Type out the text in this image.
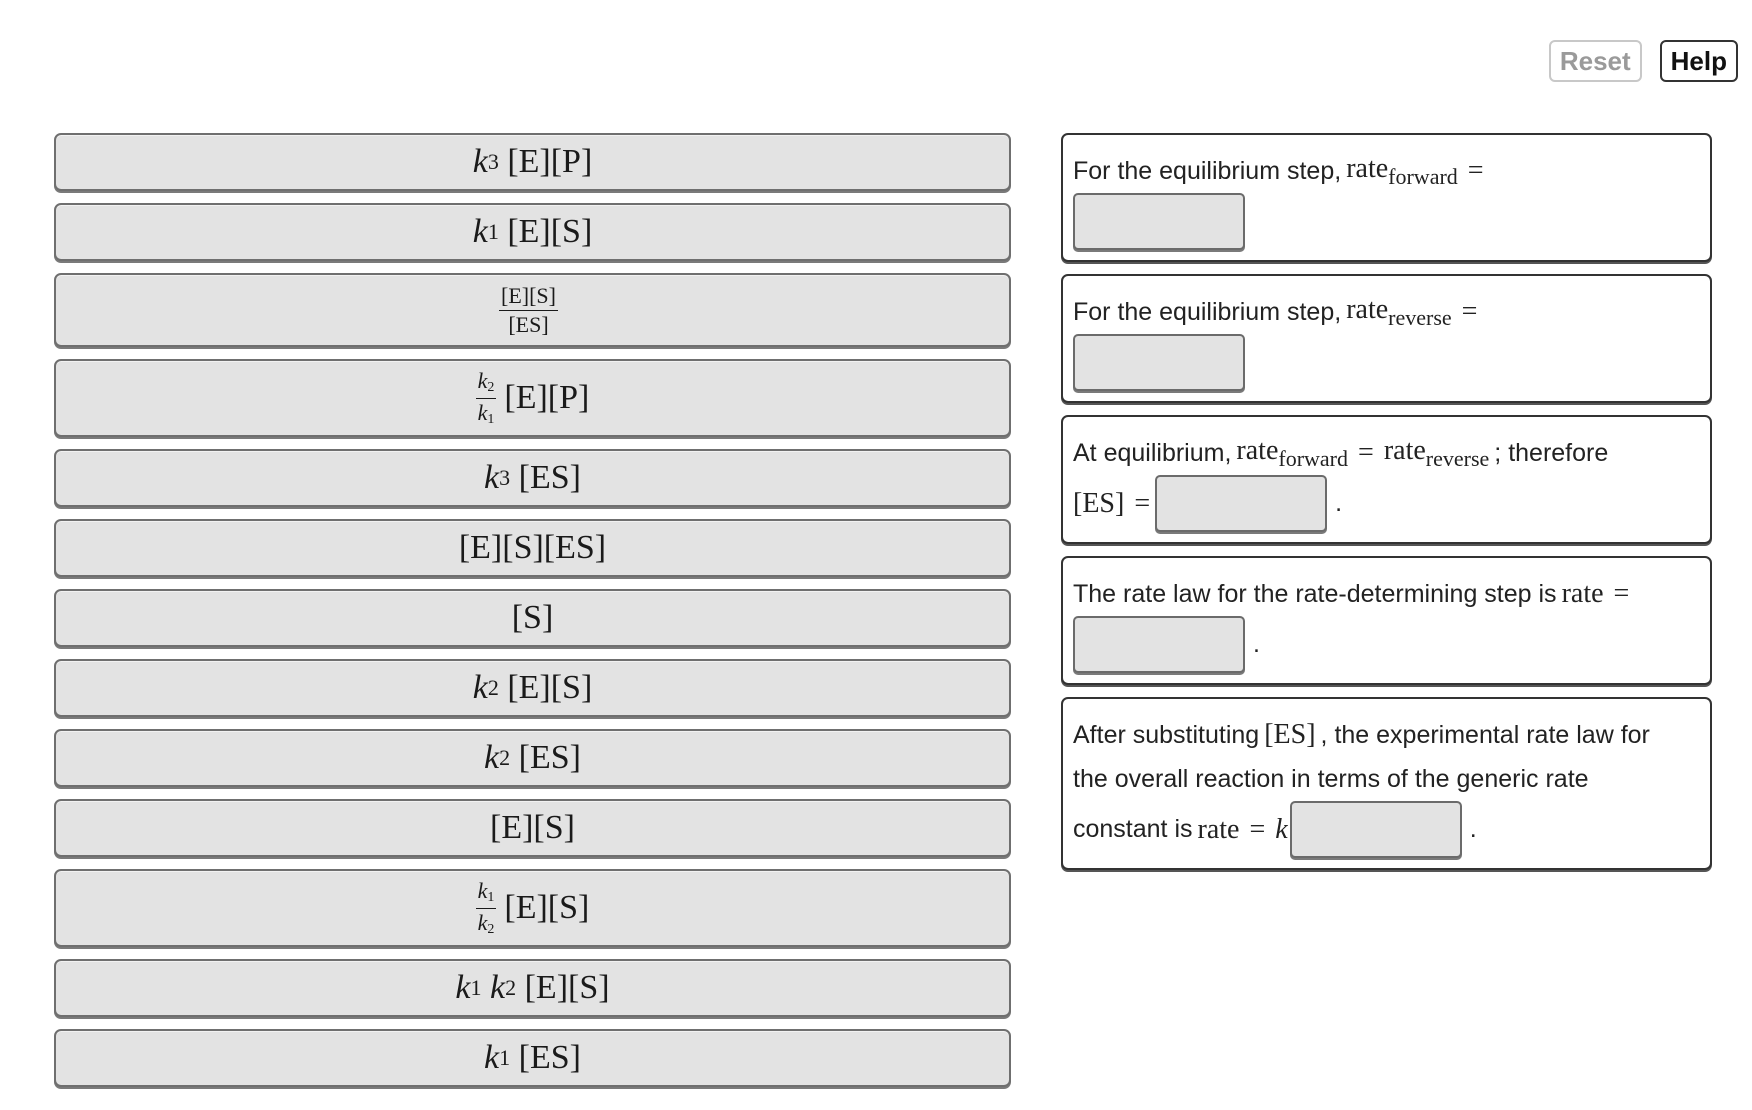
Reset	Help
k 3
[E][P]
k 1
[E][S]
$\frac{[E][S]}{[ES]}$
$\frac{k_2}{k_1} [E][P]$
k 3
[ES]
[E][S][ES]
[S]
k 2
[E][S]
k 2
[ES]
[E][S]
$\frac{k_1}{k_2} [E][S]$
k 1
k 2
[E][S]
k 1
[ES]
For the equilibrium step, rate$_{forward}$ =
For the equilibrium step, rate$_{reverse}$ =
At equilibrium, rate$_{forward}$ = rate$_{reverse}$ ; therefore
[ES] =	.
The rate law for the rate-determining step is rate =
.
After substituting [ES] , the experimental rate law for
the overall reaction in terms of the generic rate
constant is rate = k	.
